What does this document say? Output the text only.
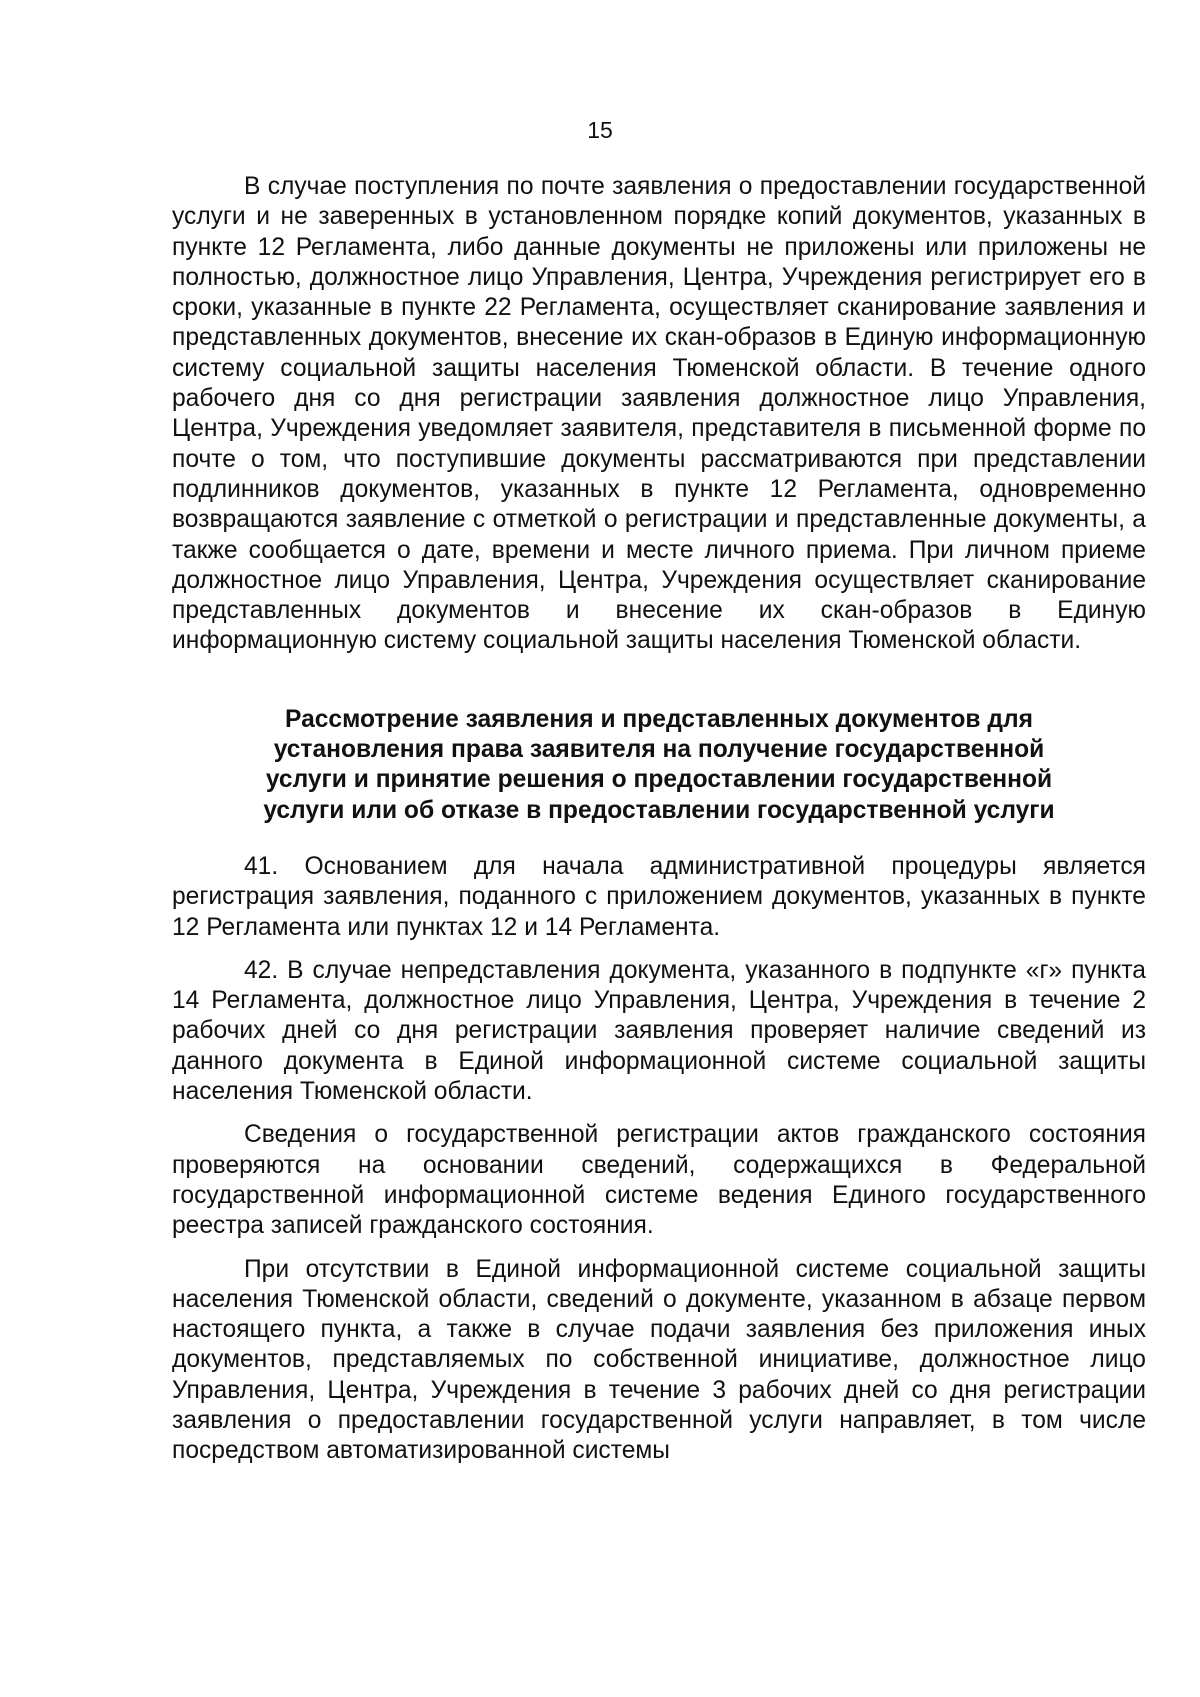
15

В случае поступления по почте заявления о предоставлении государственной услуги и не заверенных в установленном порядке копий документов, указанных в пункте 12 Регламента, либо данные документы не приложены или приложены не полностью, должностное лицо Управления, Центра, Учреждения регистрирует его в сроки, указанные в пункте 22 Регламента, осуществляет сканирование заявления и представленных документов, внесение их скан-образов в Единую информационную систему социальной защиты населения Тюменской области. В течение одного рабочего дня со дня регистрации заявления должностное лицо Управления, Центра, Учреждения уведомляет заявителя, представителя в письменной форме по почте о том, что поступившие документы рассматриваются при представлении подлинников документов, указанных в пункте 12 Регламента, одновременно возвращаются заявление с отметкой о регистрации и представленные документы, а также сообщается о дате, времени и месте личного приема. При личном приеме должностное лицо Управления, Центра, Учреждения осуществляет сканирование представленных документов и внесение их скан-образов в Единую информационную систему социальной защиты населения Тюменской области.

Рассмотрение заявления и представленных документов для установления права заявителя на получение государственной услуги и принятие решения о предоставлении государственной услуги или об отказе в предоставлении государственной услуги

41. Основанием для начала административной процедуры является регистрация заявления, поданного с приложением документов, указанных в пункте 12 Регламента или пунктах 12 и 14 Регламента.

42. В случае непредставления документа, указанного в подпункте «г» пункта 14 Регламента, должностное лицо Управления, Центра, Учреждения в течение 2 рабочих дней со дня регистрации заявления проверяет наличие сведений из данного документа в Единой информационной системе социальной защиты населения Тюменской области.

Сведения о государственной регистрации актов гражданского состояния проверяются на основании сведений, содержащихся в Федеральной государственной информационной системе ведения Единого государственного реестра записей гражданского состояния.

При отсутствии в Единой информационной системе социальной защиты населения Тюменской области, сведений о документе, указанном в абзаце первом настоящего пункта, а также в случае подачи заявления без приложения иных документов, представляемых по собственной инициативе, должностное лицо Управления, Центра, Учреждения в течение 3 рабочих дней со дня регистрации заявления о предоставлении государственной услуги направляет, в том числе посредством автоматизированной системы
